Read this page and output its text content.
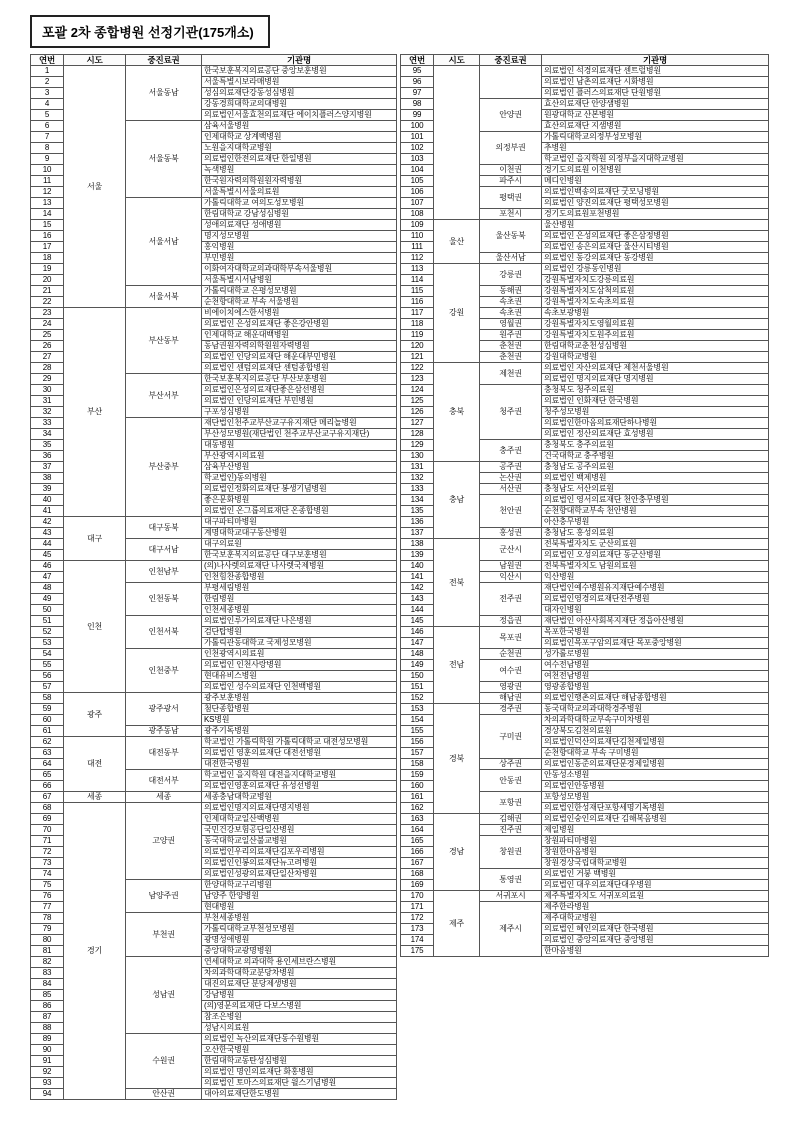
포괄 2차 종합병원 선정기관(175개소)
연번	시도	중진료권	기관명
1	서울	서울동남	한국보훈복지의료공단 중앙보훈병원
2			서울특별시보라매병원
3			성심의료재단강동성심병원
4			강동경희대학교의대병원
5			의료법인서울효천의료재단 에이치플러스양지병원
6		서울동북	삼육서울병원
7			인제대학교 상계백병원
8			노원을지대학교병원
9			의료법인한전의료재단 한일병원
10			녹색병원
11			한국원자력의학원원자력병원
12			서울특별시서울의료원
13		서울서남	가톨릭대학교 여의도성모병원
14			한림대학교 강남성심병원
15			성애의료재단 성애병원
16			명지성모병원
17			홍익병원
18			부민병원
19			이화여자대학교의과대학부속서울병원
20			서울특별시서남병원
21		서울서북	가톨릭대학교 은평성모병원
22			순천향대학교 부속 서울병원
23	부산	부산동부	비에이치에스한서병원
24			의료법인 은성의료재단 좋은강안병원
25			인제대학교 해운대백병원
26			동남권원자력의학원원자력병원
27			의료법인 인당의료재단 해운대부민병원
28			의료법인 센텀의료재단 센텀종합병원
29		부산서부	한국보훈복지의료공단 부산보훈병원
30			의료법인은성의료재단좋은삼선병원
31			의료법인 인당의료재단 부민병원
32			구포성심병원
33		부산중부	재단법인천주교부산교구유지재단 메리놀병원
34			부산성모병원(재단법인 천주교부산교구유지재단)
35			대동병원
36			부산광역시의료원
37			삼육부산병원
38			학교법인)동의병원
39			의료법인정화의료재단 봉생기념병원
40			좋은문화병원
41			의료법인 온그룹의료재단 온종합병원
42	대구	대구동북	대구파티마병원
43			계명대학교대구동산병원
44		대구서남	대구의료원
45			한국보훈복지의료공단 대구보훈병원
46	인천	인천남부	(의)나사렛의료재단 나사렛국제병원
47			인천힘찬종합병원
48		인천동북	부평세림병원
49			한림병원
50			인천세종병원
51		인천서북	의료법인루가의료재단 나은병원
52			검단탑병원
53			가톨릭관동대학교 국제성모병원
54		인천중부	인천광역시의료원
55			의료법인 인천사랑병원
56			현대유비스병원
57			의료법인 성수의료재단 인천백병원
58	광주	광주광서	광주보훈병원
59			첨단종합병원
60			KS병원
61		광주동남	광주기독병원
62	대전	대전동부	학교법인 가톨릭학원 가톨릭대학교 대전성모병원
63			의료법인 영훈의료재단 대전선병원
64			대전한국병원
65		대전서부	학교법인 을지학원 대전을지대학교병원
66			의료법인영훈의료재단 유성선병원
67	세종	세종	세종충남대학교병원
68	경기	고양권	의료법인명지의료재단명지병원
69			인제대학교일산백병원
70			국민건강보험공단일산병원
71			동국대학교일산불교병원
72			의료법인우리의료재단김포우리병원
73			의료법인인봉의료재단뉴고려병원
74			의료법인성광의료재단일산차병원
75		남양주권	한양대학교구리병원
76			남양주 한양병원
77			현대병원
78		부천권	부천세종병원
79			가톨릭대학교부천성모병원
80			광명성애병원
81			중앙대학교광명병원
82		성남권	연세대학교 의과대학 용인세브란스병원
83			차의과학대학교분당차병원
84			대진의료재단 분당제생병원
85			강남병원
86			(의)영문의료재단 다보스병원
87			참조은병원
88			성남시의료원
89		수원권	의료법인 녹산의료재단동수원병원
90			오산한국병원
91			한림대학교동탄성심병원
92			의료법인 명인의료재단 화홍병원
93			의료법인 토마스의료재단 윌스기념병원
94		안산권	대아의료재단한도병원
연번	시도	중진료권	기관명
95			의료법인 석경의료재단 센트럴병원
96			의료법인 남촌의료재단 시화병원
97			의료법인 플러스의료재단 단원병원
98		안양권	효산의료재단 안양샘병원
99			원광대학교 산본병원
100			효산의료재단 지샘병원
101		의정부권	가톨릭대학교의정부성모병원
102			추병원
103			학교법인 을지학원 의정부을지대학교병원
104		이천권	경기도의료원 이천병원
105		파주시	메디인병원
106		평택권	의료법인백송의료재단 굿모닝병원
107			의료법인 양진의료재단 평택성모병원
108		포천시	경기도의료원포천병원
109	울산	울산동북	울산병원
110			의료법인 은성의료재단 좋은삼정병원
111			의료법인 송은의료재단 울산시티병원
112		울산서남	의료법인 동강의료재단 동강병원
113	강원	강릉권	의료법인 강릉동인병원
114			강원특별자치도강릉의료원
115		동해권	강원특별자치도삼척의료원
116		속초권	강원특별자치도속초의료원
117		속초권	속초보광병원
118		영월권	강원특별자치도영월의료원
119		원주권	강원특별자치도원주의료원
120		춘천권	한림대학교춘천성심병원
121		춘천권	강원대학교병원
122	충북	제천권	의료법인 자산의료재단 제천서울병원
123			의료법인 명지의료재단 명지병원
124		청주권	충청북도 청주의료원
125			의료법인 인화재단 한국병원
126			청주성모병원
127			의료법인한마음의료재단하나병원
128			의료법인 정산의료재단 효성병원
129		충주권	충청북도 충주의료원
130			건국대학교 충주병원
131	충남	공주권	충청남도 공주의료원
132		논산권	의료법인 백제병원
133		서산권	충청남도 서산의료원
134		천안권	의료법인 영서의료재단 천안충무병원
135			순천향대학교부속 천안병원
136			아산충무병원
137		홍성권	충청남도 홍성의료원
138	전북	군산시	전북특별자치도 군산의료원
139			의료법인 오성의료재단 동군산병원
140		남원권	전북특별자치도 남원의료원
141		익산시	익산병원
142		전주권	재단법인예수병원유지재단예수병원
143			의료법인영경의료재단전주병원
144			대자인병원
145		정읍권	재단법인 아산사회복지재단 정읍아산병원
146	전남	목포권	목포한국병원
147			의료법인목포구암의료재단 목포중앙병원
148		순천권	성가롤로병원
149		여수권	여수전남병원
150			여천전남병원
151		영광권	영광종합병원
152		해남권	의료법인행촌의료재단 해남종합병원
153	경북	경주권	동국대학교의과대학경주병원
154		구미권	차의과학대학교부속구미차병원
155			경상북도김천의료원
156			의료법인덕산의료재단김천제일병원
157			순천향대학교 부속 구미병원
158		상주권	의료법인동준의료재단문경제일병원
159		안동권	안동성소병원
160			의료법인안동병원
161		포항권	포항성모병원
162			의료법인한성재단포항세명기독병원
163	경남	김해권	의료법인숭인의료재단 김해복음병원
164		진주권	제일병원
165		창원권	창원파티마병원
166			창원한마음병원
167			창원경상국립대학교병원
168		통영권	의료법인 거붕 백병원
169			의료법인 대우의료재단대우병원
170	제주	서귀포시	제주특별자치도 서귀포의료원
171		제주시	제주한라병원
172			제주대학교병원
173			의료법인 혜인의료재단 한국병원
174			의료법인 중앙의료재단 중앙병원
175			한마음병원
